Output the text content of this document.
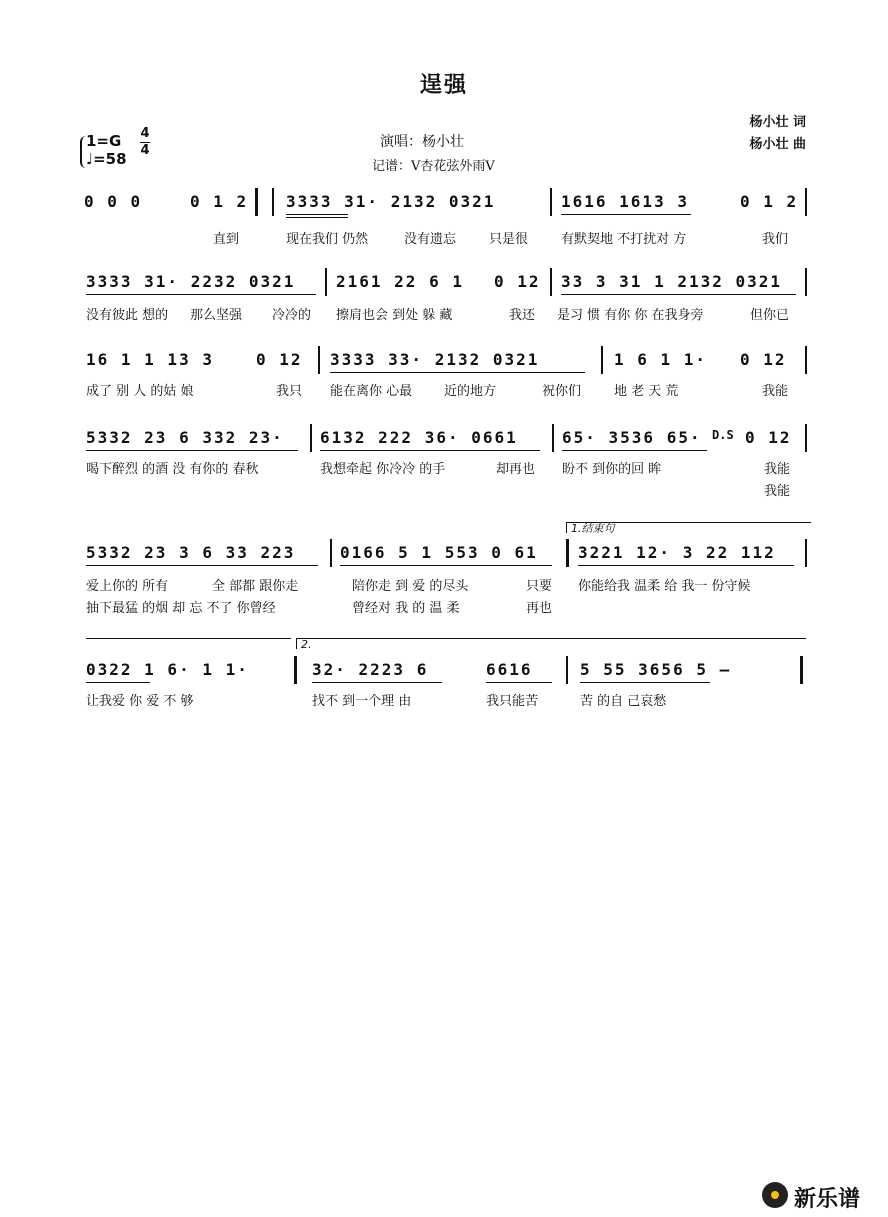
逞强
杨小壮 词
杨小壮 曲
演唱：杨小壮
记谱：V杏花弦外雨V
1=G
♩=58
4
4
0 0 0	0 1 2 3333 31· 2132 0321	1616 1613 3	0 1 2
直到	现在我们 仍然	没有遗忘	只是很	有默契地 不打扰对 方	我们
3333 31· 2232 0321	2161 22 6 1 0 12 33 3 31 1 2132 0321
没有彼此 想的 那么坚强 冷冷的 擦肩也会 到处 躲 藏	我还 是习 惯 有你 你 在我身旁	但你已
16 1 1 13 3	0 12 3333 33· 2132 0321	1 6 1 1· 0 12
成了 别 人 的姑 娘	我只 能在离你 心最 近的地方	祝你们	地 老 天 荒	我能
5332 23 6 332 23· 6132 222 36· 0661	65· 3536 65· D.S 0 12
喝下醉烈 的酒 没 有你的 春秋	我想牵起 你冷冷 的手	却再也 盼不 到你的回 眸	我能
我能
1.结束句
5332 23 3 6 33 223	0166 5 1 553 0 61	3221 12· 3 22 112
爱上你的 所有	全 部都 跟你走	陪你走 到 爱 的尽头	只要 你能给我 温柔 给 我一 份守候
抽下最猛 的烟 却 忘 不了 你曾经	曾经对 我 的 温 柔	再也
2.
0322 1 6· 1 1·	32· 2223 6	6616	5 55 3656 5 –
让我爱 你 爱 不 够	找不 到一个理 由	我只能苦	苦 的自 己哀愁
新乐谱
